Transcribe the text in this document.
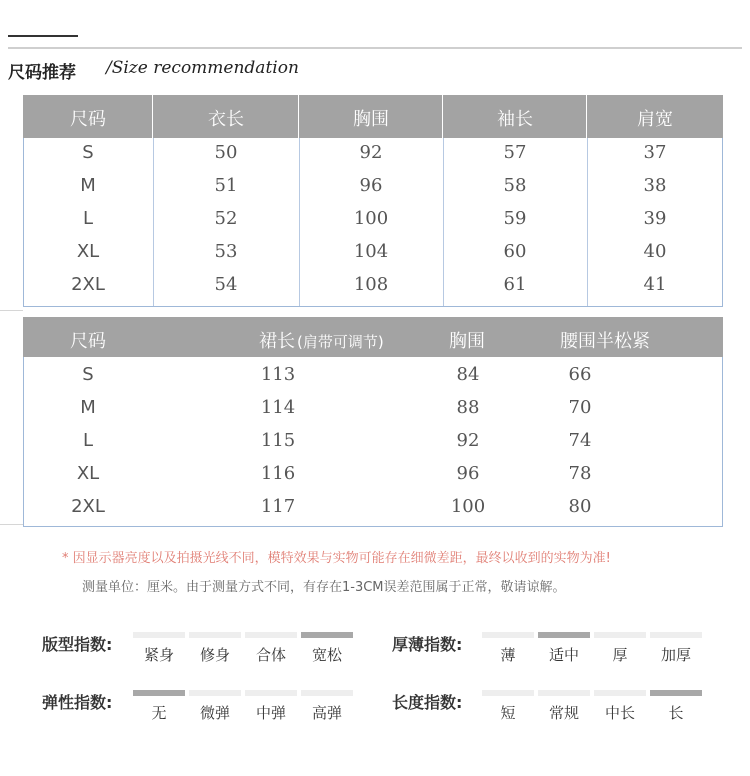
尺码推荐 /Size recommendation
尺码	衣长	胸围	袖长	肩宽
S	50	92	57	37
M	51	96	58	38
L	52	100	59	39
XL	53	104	60	40
2XL	54	108	61	41
尺码	裙长 (肩带可调节)	胸围	腰围半松紧
S	113	84	66
M	114	88	70
L	115	92	74
XL	116	96	78
2XL	117	100	80
* 因显示器亮度以及拍摄光线不同，模特效果与实物可能存在细微差距，最终以收到的实物为准!
测量单位：厘米。由于测量方式不同，有存在1-3CM误差范围属于正常，敬请谅解。
版型指数:
紧身	修身	合体	宽松
厚薄指数:
薄	适中	厚	加厚
弹性指数:
无	微弹	中弹	高弹
长度指数:
短	常规	中长	长
